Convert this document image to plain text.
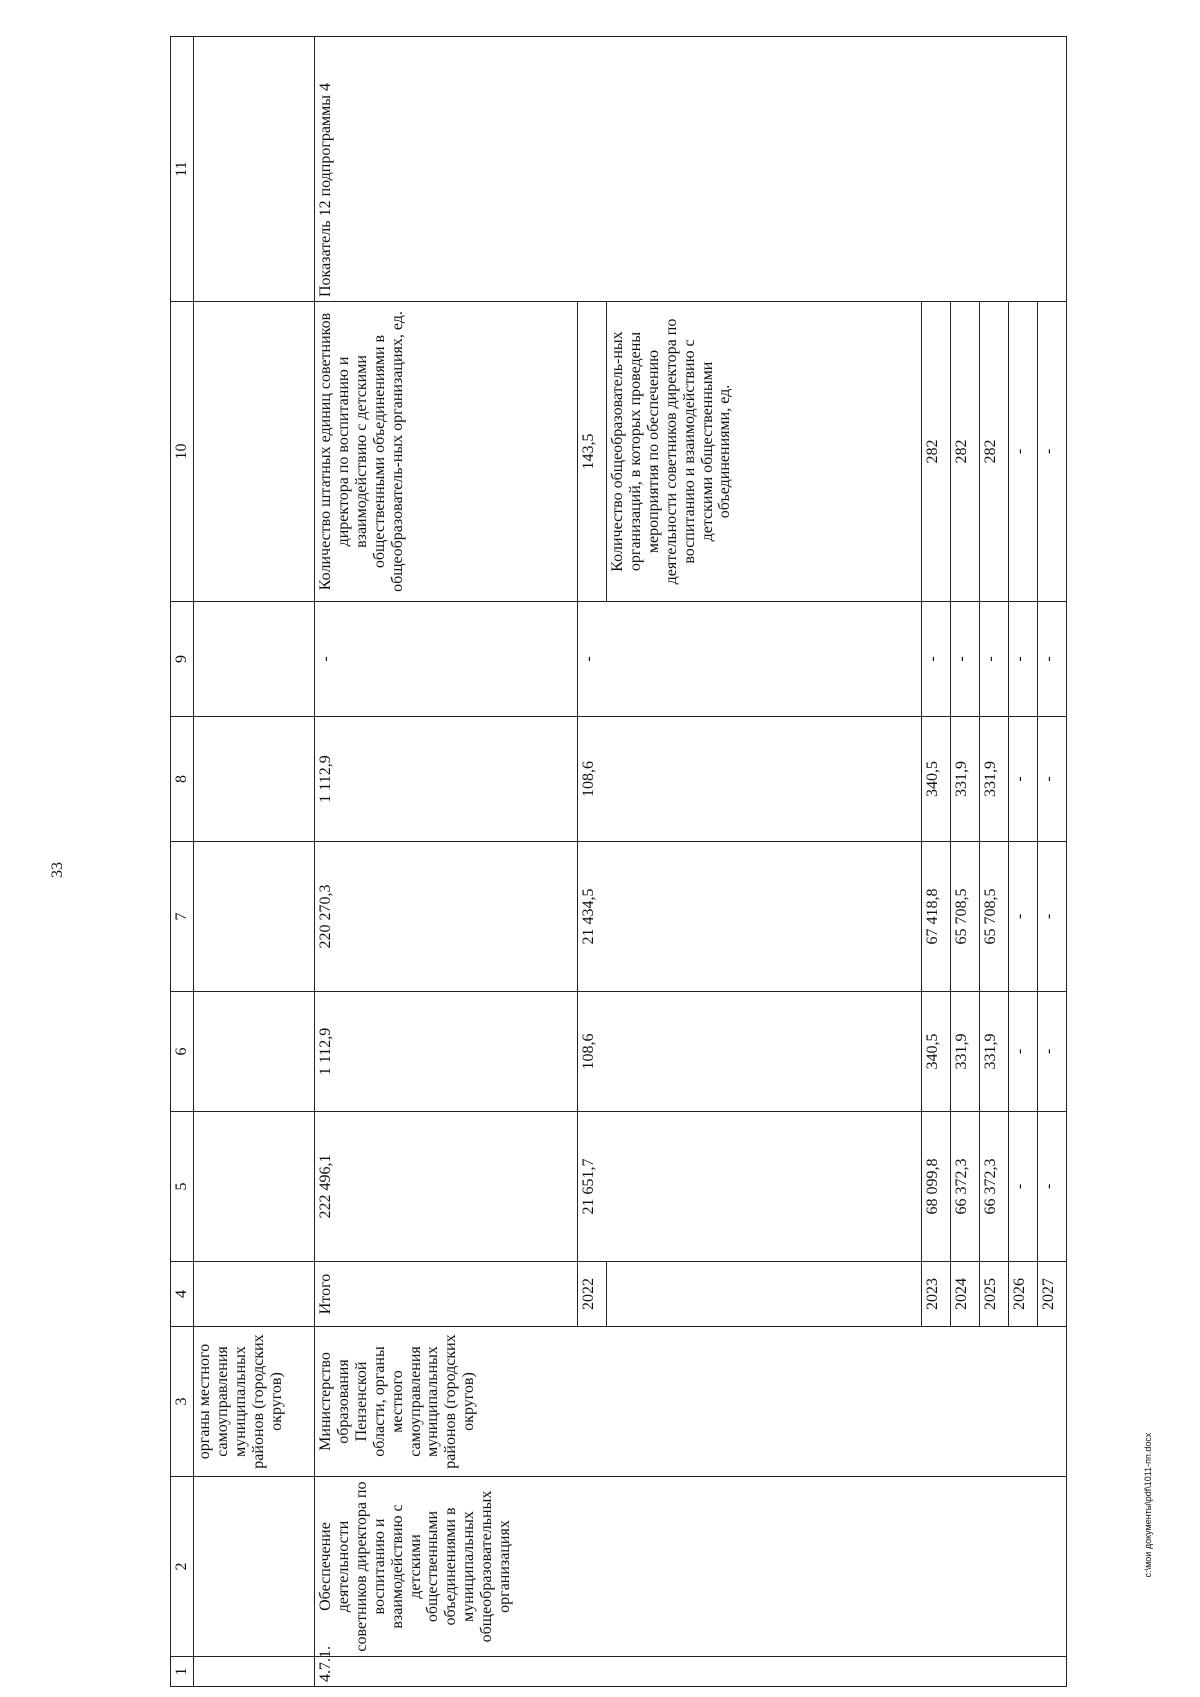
33
c:\мои документы\pdf\1011-пп.docx
1	2	3	4	5	6	7	8	9	10	11
		органы местного самоуправления муниципальных районов (городских округов)								
4.7.1.	Обеспечение деятельности советников директора по воспитанию и взаимодействию с детскими общественными объединениями в муниципальных общеобразовательных организациях	Министерство образования Пензенской области, органы местного самоуправления муниципальных районов (городских округов)	Итого	222 496,1	1 112,9	220 270,3	1 112,9	-	Количество штатных единиц советников директора по воспитанию и взаимодействию с детскими общественными объединениями в общеобразователь-ных организациях, ед.	Показатель 12 подпрограммы 4
			2022	21 651,7	108,6	21 434,5	108,6	-	143,5	
									Количество общеобразователь-ных организаций, в которых проведены мероприятия по обеспечению деятельности советников директора по воспитанию и взаимодействию с детскими общественными объединениями, ед.	
			2023	68 099,8	340,5	67 418,8	340,5	-	282	
			2024	66 372,3	331,9	65 708,5	331,9	-	282	
			2025	66 372,3	331,9	65 708,5	331,9	-	282	
			2026	-	-	-	-	-	-	
			2027	-	-	-	-	-	-	
